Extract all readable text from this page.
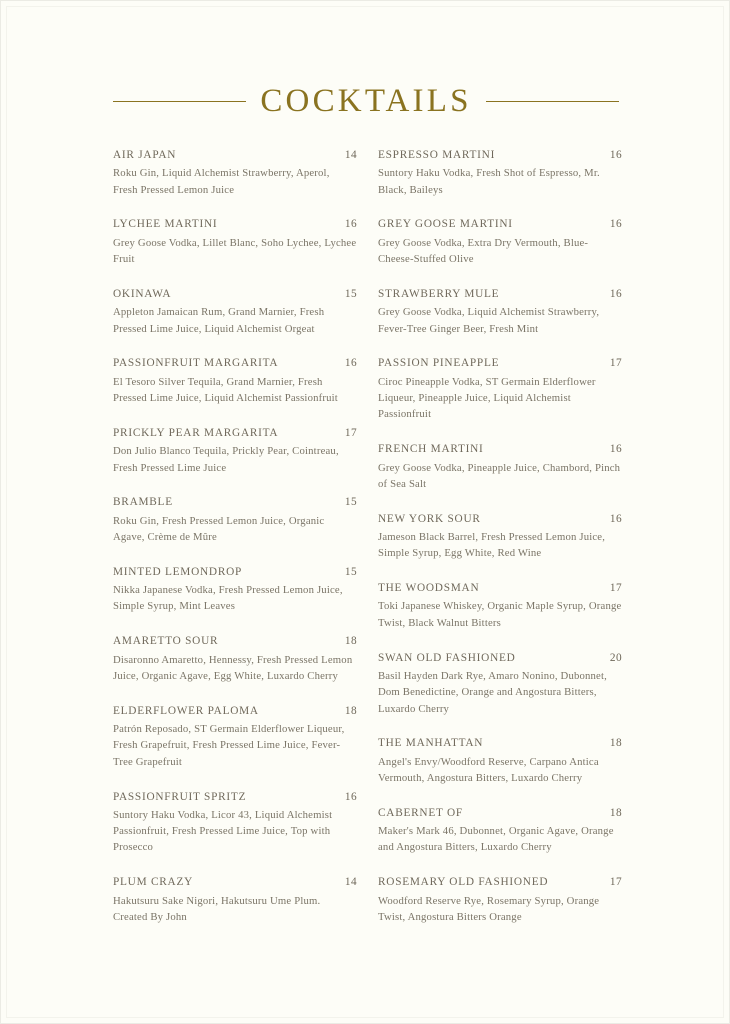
COCKTAILS
AIR JAPAN	14
Roku Gin, Liquid Alchemist Strawberry, Aperol, Fresh Pressed Lemon Juice
LYCHEE MARTINI	16
Grey Goose Vodka, Lillet Blanc, Soho Lychee, Lychee Fruit
OKINAWA	15
Appleton Jamaican Rum, Grand Marnier, Fresh Pressed Lime Juice, Liquid Alchemist Orgeat
PASSIONFRUIT MARGARITA	16
El Tesoro Silver Tequila, Grand Marnier, Fresh Pressed Lime Juice, Liquid Alchemist Passionfruit
PRICKLY PEAR MARGARITA	17
Don Julio Blanco Tequila, Prickly Pear, Cointreau, Fresh Pressed Lime Juice
BRAMBLE	15
Roku Gin, Fresh Pressed Lemon Juice, Organic Agave, Crème de Mûre
MINTED LEMONDROP	15
Nikka Japanese Vodka, Fresh Pressed Lemon Juice, Simple Syrup, Mint Leaves
AMARETTO SOUR	18
Disaronno Amaretto, Hennessy, Fresh Pressed Lemon Juice, Organic Agave, Egg White, Luxardo Cherry
ELDERFLOWER PALOMA	18
Patrón Reposado, ST Germain Elderflower Liqueur, Fresh Grapefruit, Fresh Pressed Lime Juice, Fever-Tree Grapefruit
PASSIONFRUIT SPRITZ	16
Suntory Haku Vodka, Licor 43, Liquid Alchemist Passionfruit, Fresh Pressed Lime Juice, Top with Prosecco
PLUM CRAZY	14
Hakutsuru Sake Nigori, Hakutsuru Ume Plum. Created By John
ESPRESSO MARTINI	16
Suntory Haku Vodka, Fresh Shot of Espresso, Mr. Black, Baileys
GREY GOOSE MARTINI	16
Grey Goose Vodka, Extra Dry Vermouth, Blue-Cheese-Stuffed Olive
STRAWBERRY MULE	16
Grey Goose Vodka, Liquid Alchemist Strawberry, Fever-Tree Ginger Beer, Fresh Mint
PASSION PINEAPPLE	17
Ciroc Pineapple Vodka, ST Germain Elderflower Liqueur, Pineapple Juice, Liquid Alchemist Passionfruit
FRENCH MARTINI	16
Grey Goose Vodka, Pineapple Juice, Chambord, Pinch of Sea Salt
NEW YORK SOUR	16
Jameson Black Barrel, Fresh Pressed Lemon Juice, Simple Syrup, Egg White, Red Wine
THE WOODSMAN	17
Toki Japanese Whiskey, Organic Maple Syrup, Orange Twist, Black Walnut Bitters
SWAN OLD FASHIONED	20
Basil Hayden Dark Rye, Amaro Nonino, Dubonnet, Dom Benedictine, Orange and Angostura Bitters, Luxardo Cherry
THE MANHATTAN	18
Angel's Envy/Woodford Reserve, Carpano Antica Vermouth, Angostura Bitters, Luxardo Cherry
CABERNET OF	18
Maker's Mark 46, Dubonnet, Organic Agave, Orange and Angostura Bitters, Luxardo Cherry
ROSEMARY OLD FASHIONED	17
Woodford Reserve Rye, Rosemary Syrup, Orange Twist, Angostura Bitters Orange
